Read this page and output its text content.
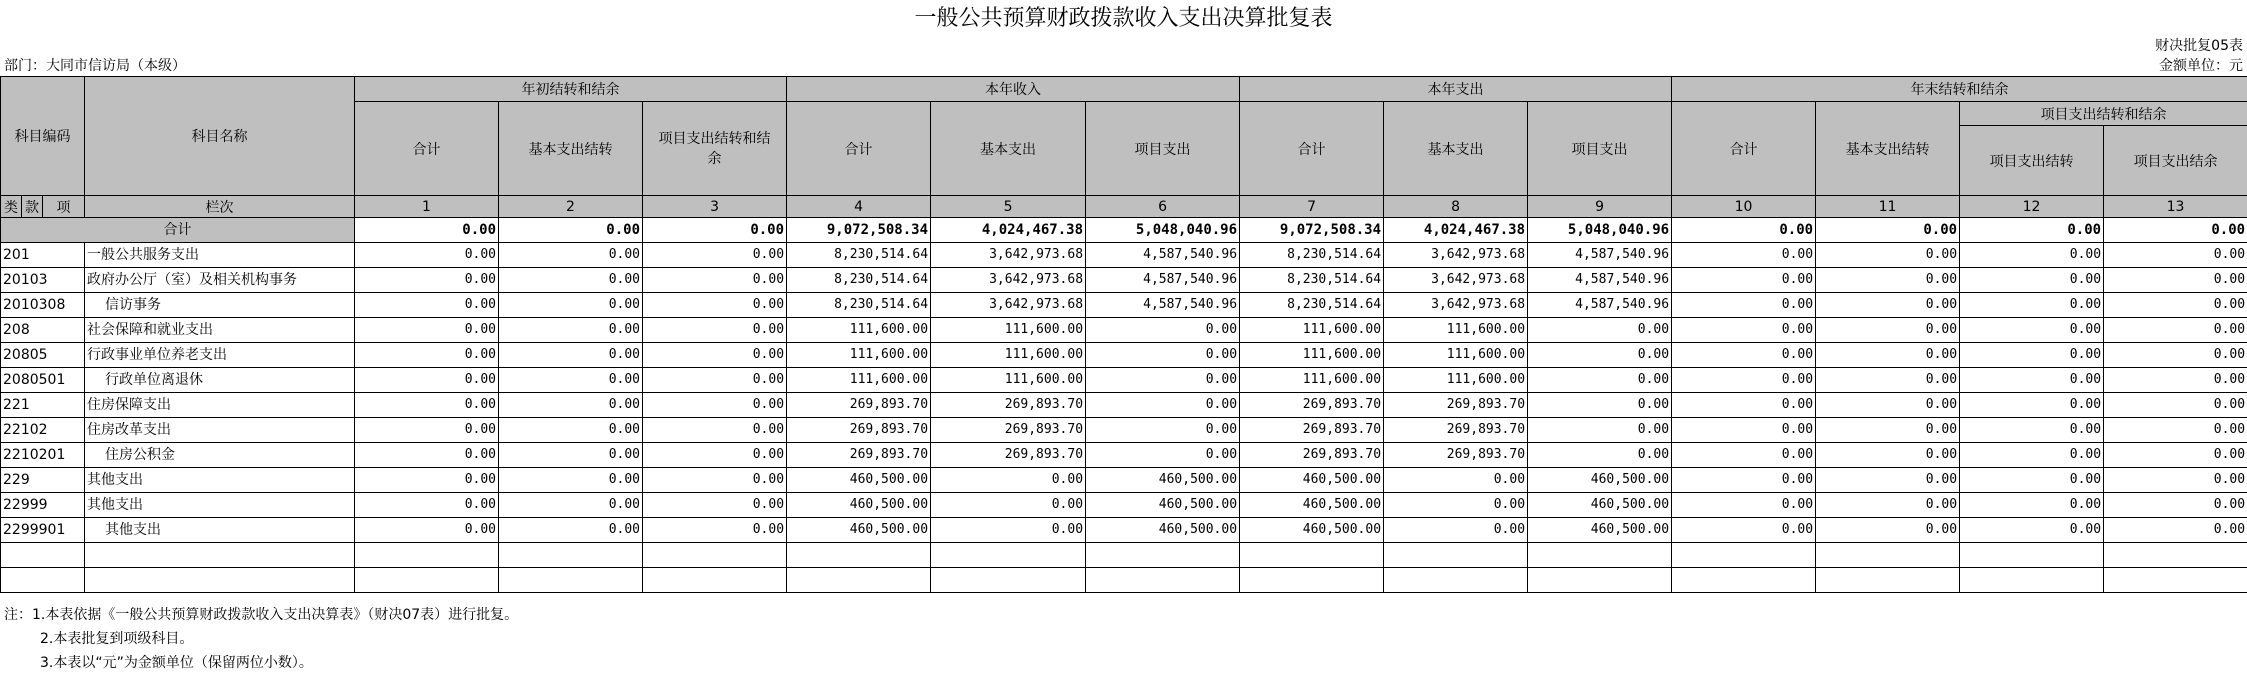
一般公共预算财政拨款收入支出决算批复表
财决批复05表
部门：大同市信访局（本级）	金额单位：元
科目编码			科目名称	年初结转和结余			本年收入			本年支出			年末结转和结余			
				合计	基本支出结转	项目支出结转和结余	合计	基本支出	项目支出	合计	基本支出	项目支出	合计	基本支出结转	项目支出结转和结余	
															项目支出结转	项目支出结余
类	款	项	栏次	1	2	3	4	5	6	7	8	9	10	11	12	13
合计				0.00	0.00	0.00	9,072,508.34	4,024,467.38	5,048,040.96	9,072,508.34	4,024,467.38	5,048,040.96	0.00	0.00	0.00	0.00
201			一般公共服务支出	0.00	0.00	0.00	8,230,514.64	3,642,973.68	4,587,540.96	8,230,514.64	3,642,973.68	4,587,540.96	0.00	0.00	0.00	0.00
20103			政府办公厅（室）及相关机构事务	0.00	0.00	0.00	8,230,514.64	3,642,973.68	4,587,540.96	8,230,514.64	3,642,973.68	4,587,540.96	0.00	0.00	0.00	0.00
2010308			信访事务	0.00	0.00	0.00	8,230,514.64	3,642,973.68	4,587,540.96	8,230,514.64	3,642,973.68	4,587,540.96	0.00	0.00	0.00	0.00
208			社会保障和就业支出	0.00	0.00	0.00	111,600.00	111,600.00	0.00	111,600.00	111,600.00	0.00	0.00	0.00	0.00	0.00
20805			行政事业单位养老支出	0.00	0.00	0.00	111,600.00	111,600.00	0.00	111,600.00	111,600.00	0.00	0.00	0.00	0.00	0.00
2080501			行政单位离退休	0.00	0.00	0.00	111,600.00	111,600.00	0.00	111,600.00	111,600.00	0.00	0.00	0.00	0.00	0.00
221			住房保障支出	0.00	0.00	0.00	269,893.70	269,893.70	0.00	269,893.70	269,893.70	0.00	0.00	0.00	0.00	0.00
22102			住房改革支出	0.00	0.00	0.00	269,893.70	269,893.70	0.00	269,893.70	269,893.70	0.00	0.00	0.00	0.00	0.00
2210201			住房公积金	0.00	0.00	0.00	269,893.70	269,893.70	0.00	269,893.70	269,893.70	0.00	0.00	0.00	0.00	0.00
229			其他支出	0.00	0.00	0.00	460,500.00	0.00	460,500.00	460,500.00	0.00	460,500.00	0.00	0.00	0.00	0.00
22999			其他支出	0.00	0.00	0.00	460,500.00	0.00	460,500.00	460,500.00	0.00	460,500.00	0.00	0.00	0.00	0.00
2299901			其他支出	0.00	0.00	0.00	460,500.00	0.00	460,500.00	460,500.00	0.00	460,500.00	0.00	0.00	0.00	0.00

注：1.本表依据《一般公共预算财政拨款收入支出决算表》（财决07表）进行批复。
2.本表批复到项级科目。
3.本表以“元”为金额单位（保留两位小数）。
